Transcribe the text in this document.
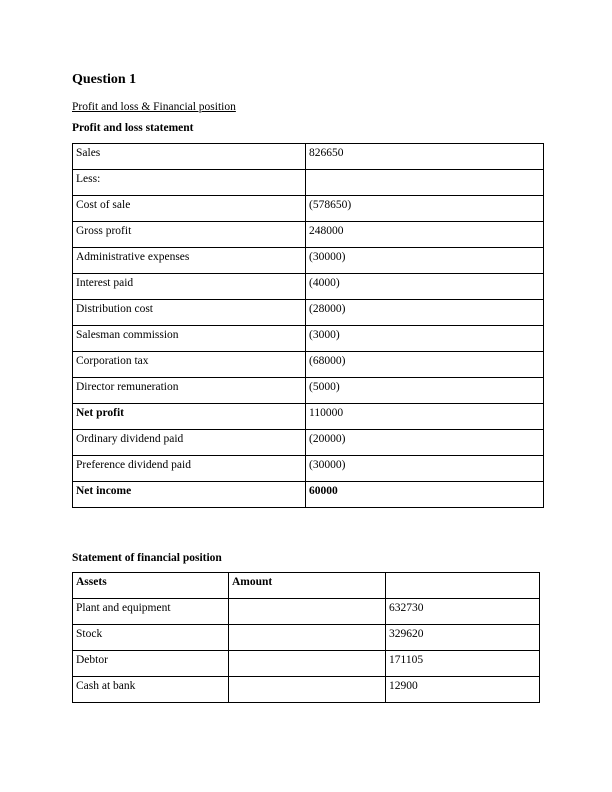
Question 1
Profit and loss & Financial position
Profit and loss statement
Sales	826650
Less:	
Cost of sale	(578650)
Gross profit	248000
Administrative expenses	(30000)
Interest paid	(4000)
Distribution cost	(28000)
Salesman commission	(3000)
Corporation tax	(68000)
Director remuneration	(5000)
Net profit	110000
Ordinary dividend paid	(20000)
Preference dividend paid	(30000)
Net income	60000
Statement of financial position
Assets	Amount	
Plant and equipment		632730
Stock		329620
Debtor		171105
Cash at bank		12900
